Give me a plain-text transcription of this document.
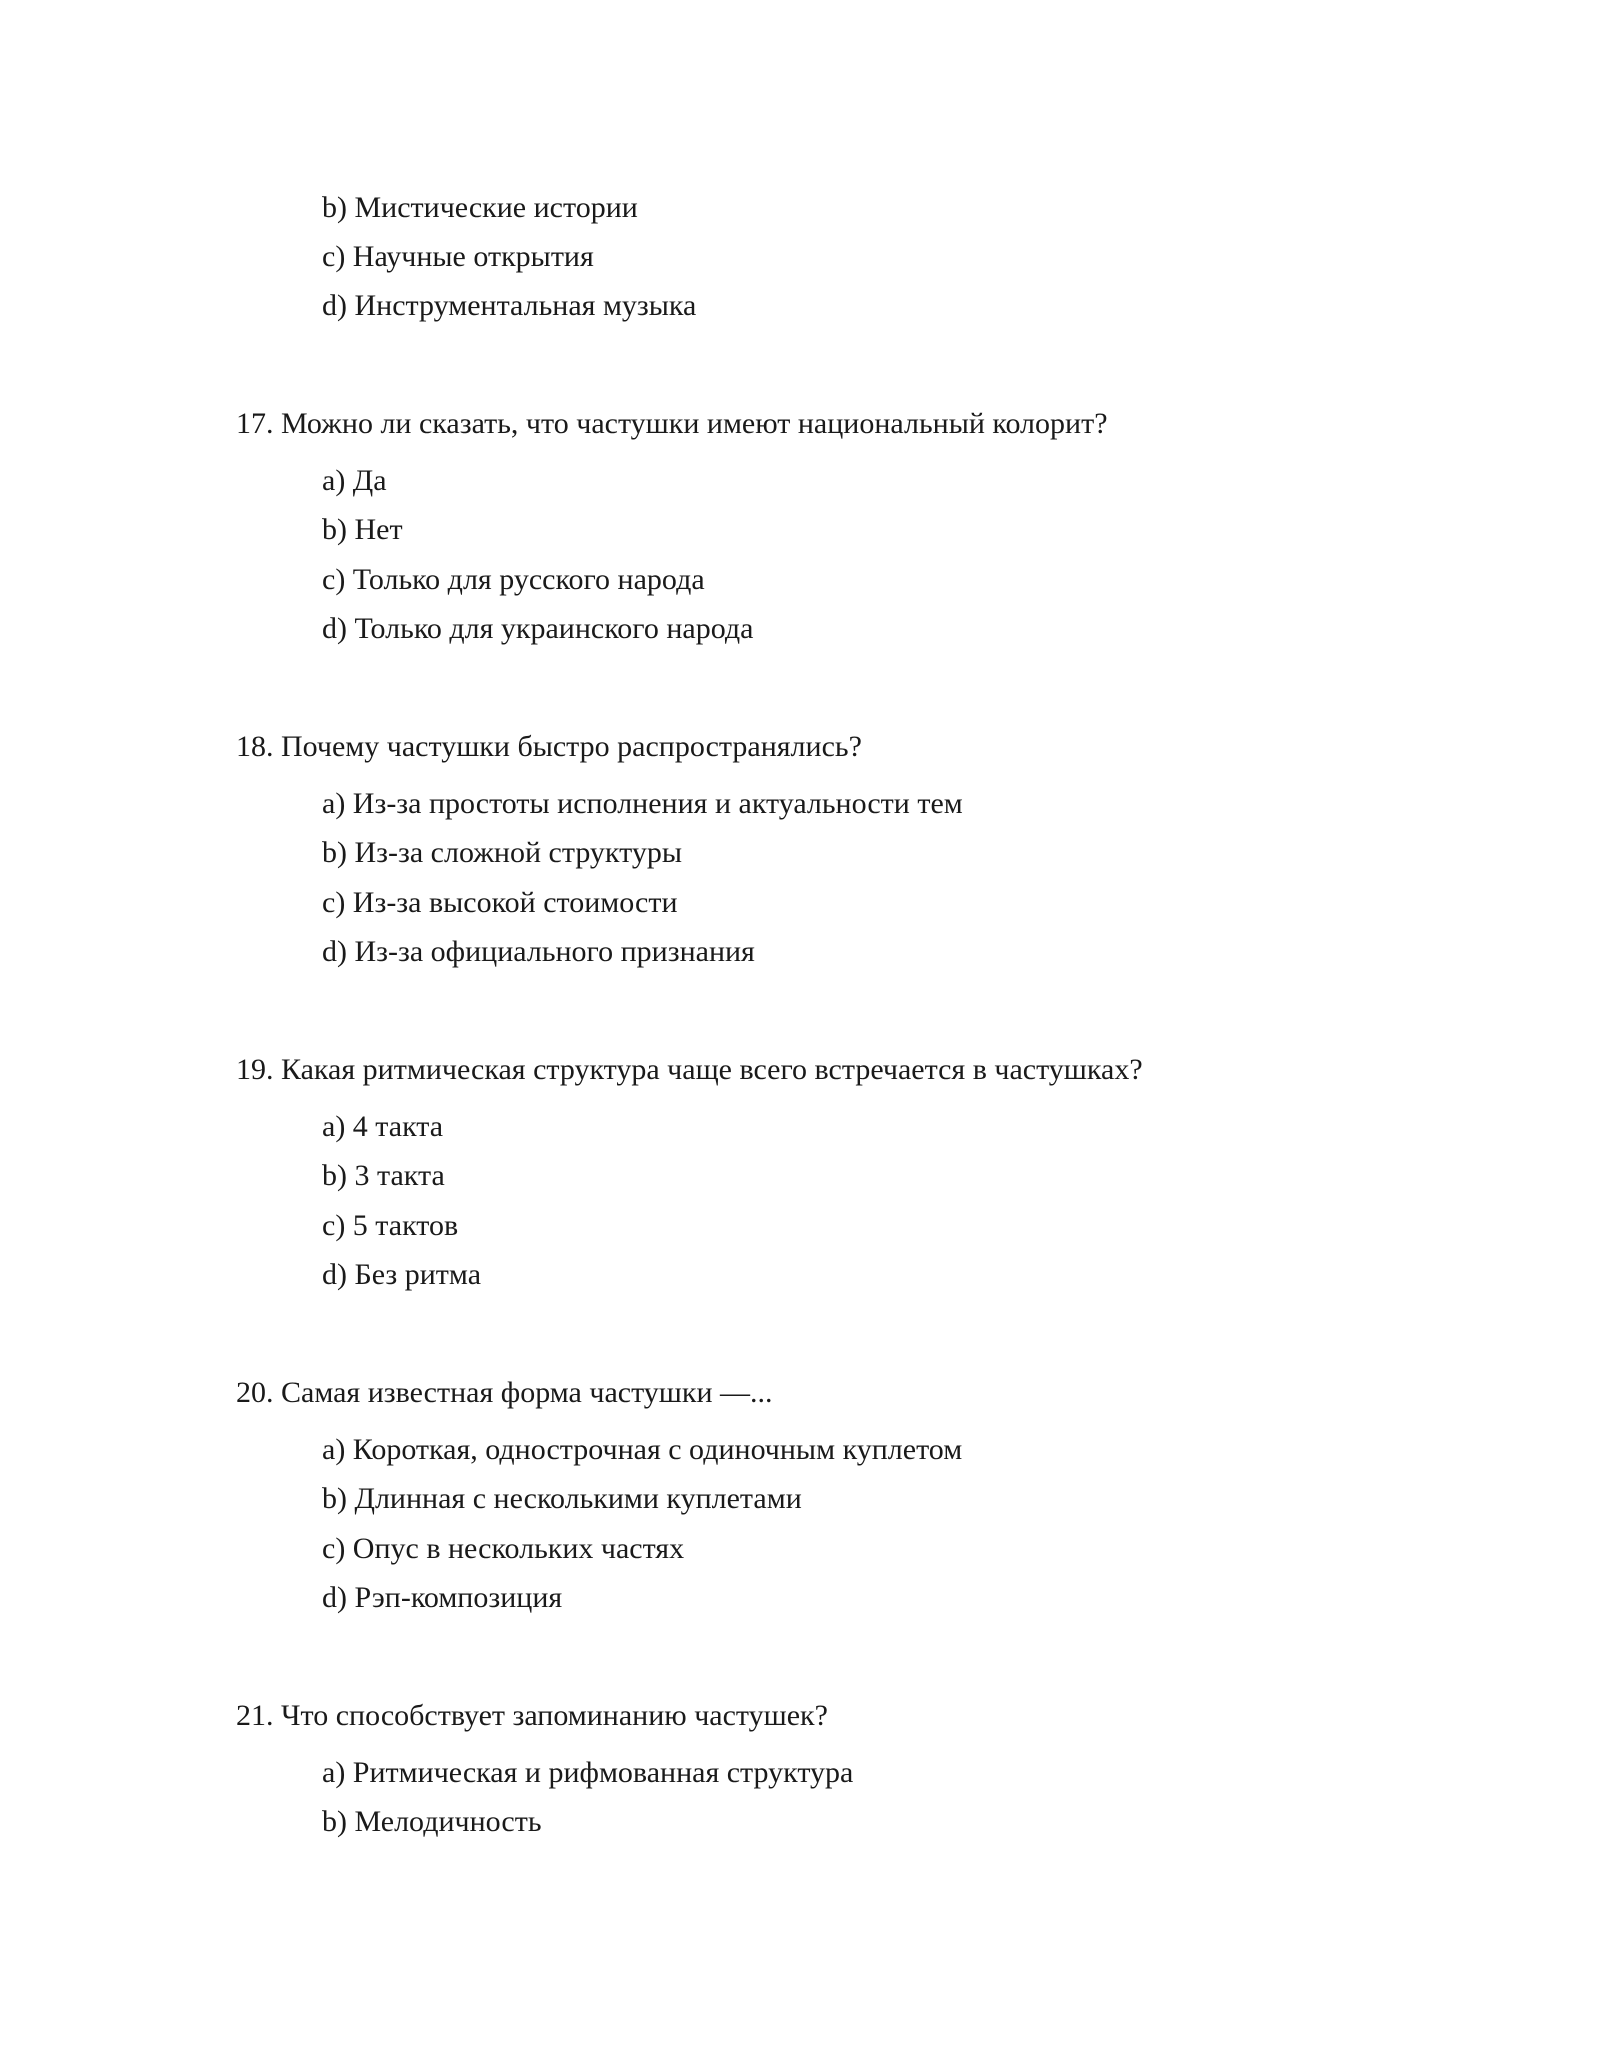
b) Мистические истории
c) Научные открытия
d) Инструментальная музыка
17. Можно ли сказать, что частушки имеют национальный колорит?
a) Да
b) Нет
c) Только для русского народа
d) Только для украинского народа
18. Почему частушки быстро распространялись?
a) Из-за простоты исполнения и актуальности тем
b) Из-за сложной структуры
c) Из-за высокой стоимости
d) Из-за официального признания
19. Какая ритмическая структура чаще всего встречается в частушках?
a) 4 такта
b) 3 такта
c) 5 тактов
d) Без ритма
20. Самая известная форма частушки —...
a) Короткая, однострочная с одиночным куплетом
b) Длинная с несколькими куплетами
c) Опус в нескольких частях
d) Рэп-композиция
21. Что способствует запоминанию частушек?
a) Ритмическая и рифмованная структура
b) Мелодичность
